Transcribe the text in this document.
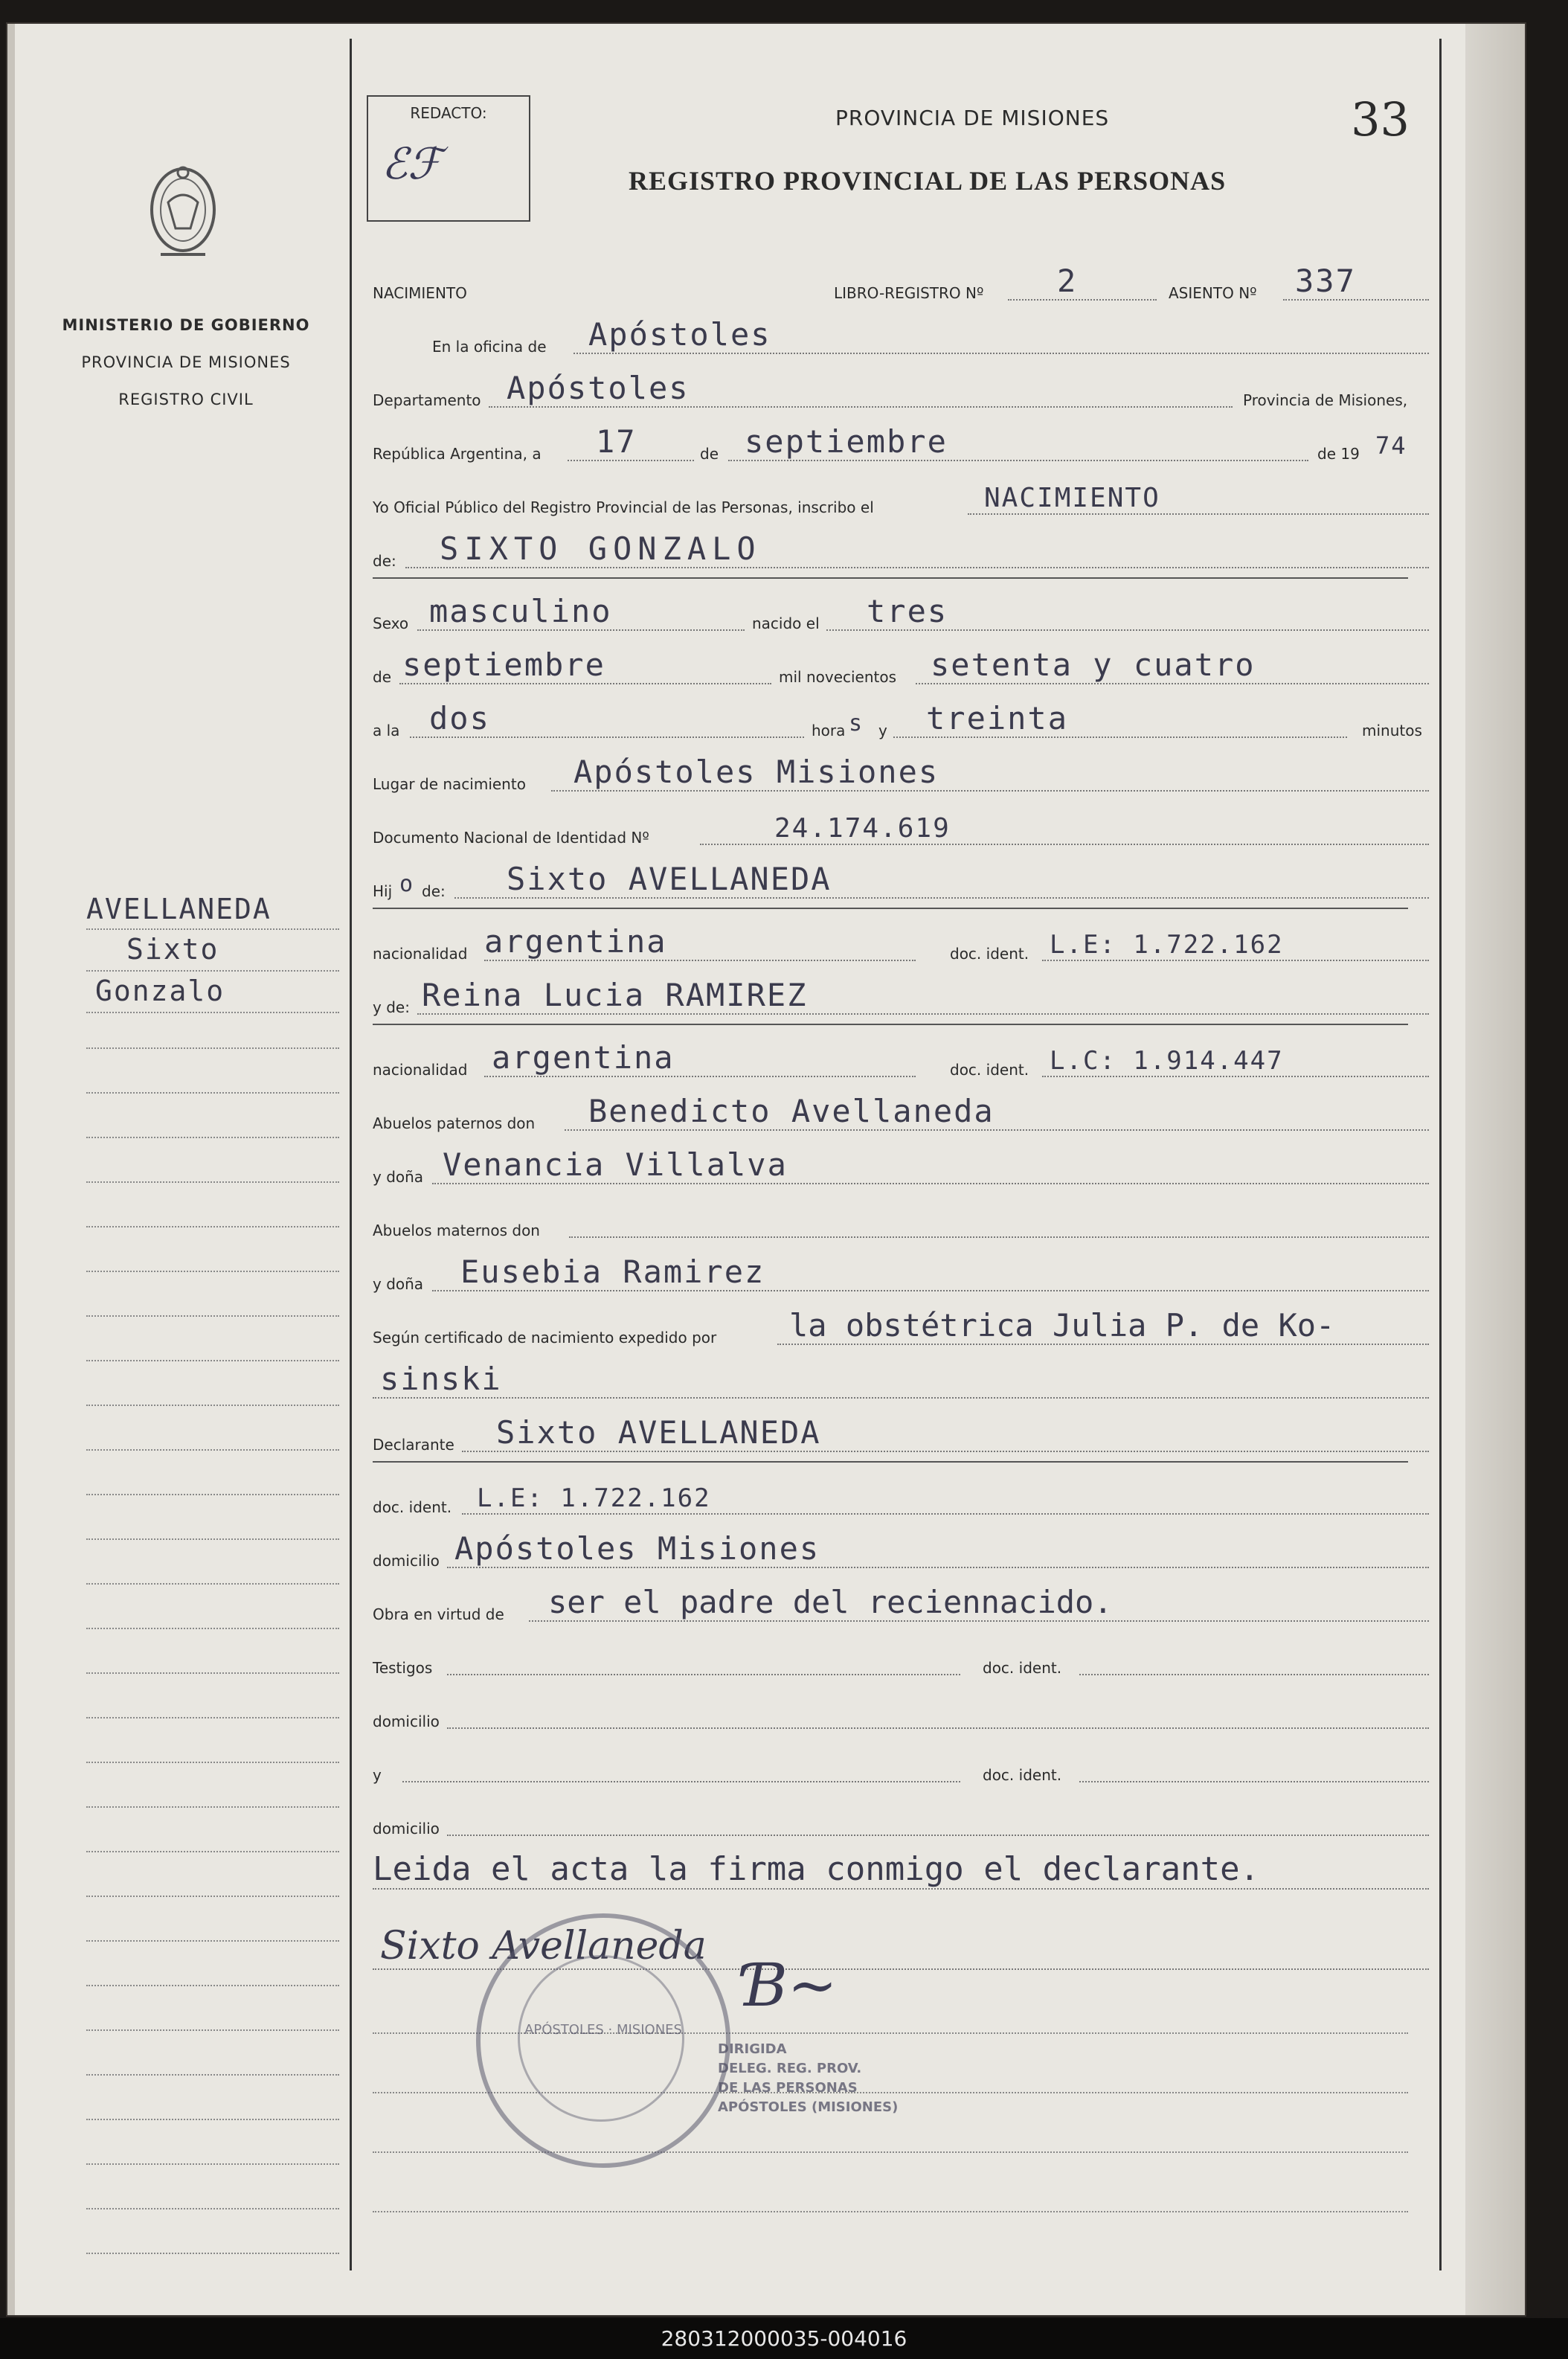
MINISTERIO DE GOBIERNO
PROVINCIA DE MISIONES
REGISTRO CIVIL
AVELLANEDA
Sixto
Gonzalo
REDACTO:
ℰℱ
PROVINCIA DE MISIONES	33
REGISTRO PROVINCIAL DE LAS PERSONAS
NACIMIENTO	LIBRO-REGISTRO Nº 2	ASIENTO Nº 337
En la oficina de Apóstoles
Departamento Apóstoles	Provincia de Misiones,
República Argentina, a 17	de septiembre	de 19 74
Yo Oficial Público del Registro Provincial de las Personas, inscribo el	NACIMIENTO
de: SIXTO GONZALO
Sexo masculino	nacido el tres
de septiembre	mil novecientos setenta y cuatro
a la dos	hora s y treinta	minutos
Lugar de nacimiento Apóstoles Misiones
Documento Nacional de Identidad Nº	24.174.619
Hij o de: Sixto AVELLANEDA
nacionalidad argentina	doc. ident. L.E: 1.722.162
y de: Reina Lucia RAMIREZ
nacionalidad argentina	doc. ident. L.C: 1.914.447
Abuelos paternos don Benedicto Avellaneda
y doña Venancia Villalva
Abuelos maternos don
y doña Eusebia Ramirez
Según certificado de nacimiento expedido por la obstétrica Julia P. de Ko-
sinski
Declarante Sixto AVELLANEDA
doc. ident. L.E: 1.722.162
domicilio Apóstoles Misiones
Obra en virtud de ser el padre del reciennacido.
Testigos	doc. ident.
domicilio
y	doc. ident.
domicilio
Leida el acta la firma conmigo el declarante.
Sixto Avellaneda
APÓSTOLES · MISIONES
Ɓ~
DIRIGIDA
DELEG. REG. PROV.
DE LAS PERSONAS
APÓSTOLES (MISIONES)
280312000035-004016
